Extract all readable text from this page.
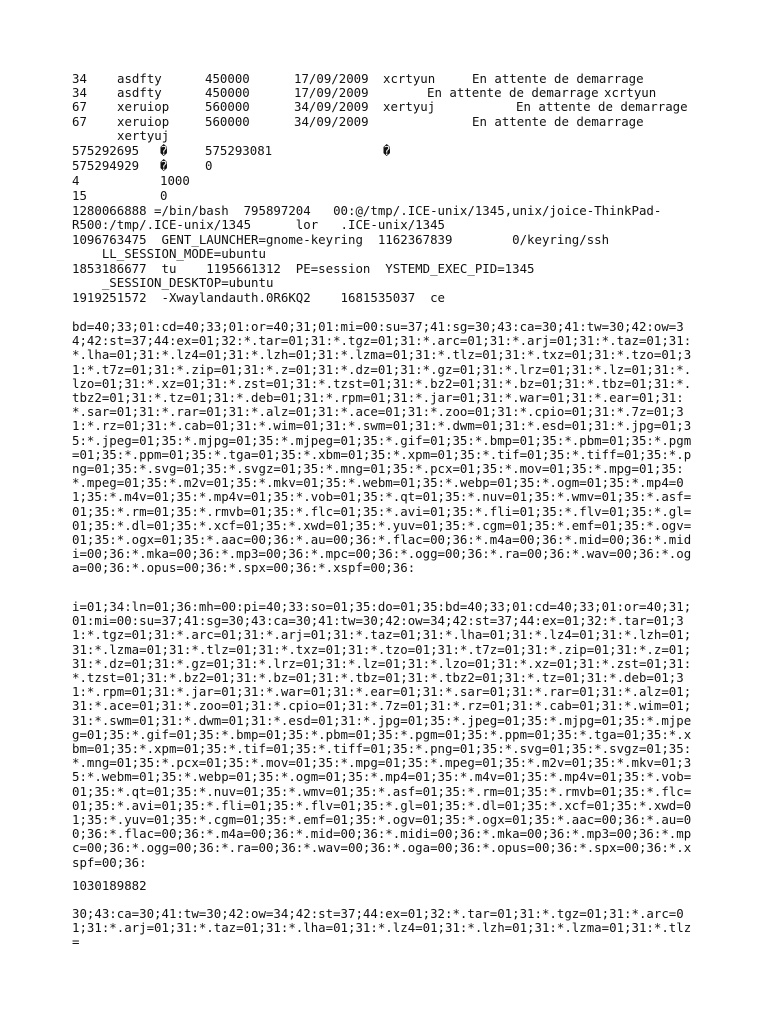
34 asdfty	450000	17/09/2009 xcrtyun	En attente de demarrage
34 asdfty	450000	17/09/2009	En attente de demarrage xcrtyun
67 xeruiop	560000	34/09/2009 xertyuj	En attente de demarrage
67 xeruiop	560000	34/09/2009	En attente de demarrage
xertyuj
575292695 �	575293081	�
575294929 �	0
4	1000
15	0
1280066888 =/bin/bash  795897204   00:@/tmp/.ICE-unix/1345,unix/joice-ThinkPad-
R500:/tmp/.ICE-unix/1345      lor   .ICE-unix/1345
1096763475  GENT_LAUNCHER=gnome-keyring  1162367839        0/keyring/ssh
LL_SESSION_MODE=ubuntu
1853186677  tu    1195661312  PE=session  YSTEMD_EXEC_PID=1345
_SESSION_DESKTOP=ubuntu
1919251572  -Xwaylandauth.0R6KQ2    1681535037  ce
bd=40;33;01:cd=40;33;01:or=40;31;01:mi=00:su=37;41:sg=30;43:ca=30;41:tw=30;42:ow=34;42:st=37;44:ex=01;32:*.tar=01;31:*.tgz=01;31:*.arc=01;31:*.arj=01;31:*.taz=01;31:*.lha=01;31:*.lz4=01;31:*.lzh=01;31:*.lzma=01;31:*.tlz=01;31:*.txz=01;31:*.tzo=01;31:*.t7z=01;31:*.zip=01;31:*.z=01;31:*.dz=01;31:*.gz=01;31:*.lrz=01;31:*.lz=01;31:*.lzo=01;31:*.xz=01;31:*.zst=01;31:*.tzst=01;31:*.bz2=01;31:*.bz=01;31:*.tbz=01;31:*.tbz2=01;31:*.tz=01;31:*.deb=01;31:*.rpm=01;31:*.jar=01;31:*.war=01;31:*.ear=01;31:*.sar=01;31:*.rar=01;31:*.alz=01;31:*.ace=01;31:*.zoo=01;31:*.cpio=01;31:*.7z=01;31:*.rz=01;31:*.cab=01;31:*.wim=01;31:*.swm=01;31:*.dwm=01;31:*.esd=01;31:*.jpg=01;35:*.jpeg=01;35:*.mjpg=01;35:*.mjpeg=01;35:*.gif=01;35:*.bmp=01;35:*.pbm=01;35:*.pgm=01;35:*.ppm=01;35:*.tga=01;35:*.xbm=01;35:*.xpm=01;35:*.tif=01;35:*.tiff=01;35:*.png=01;35:*.svg=01;35:*.svgz=01;35:*.mng=01;35:*.pcx=01;35:*.mov=01;35:*.mpg=01;35:*.mpeg=01;35:*.m2v=01;35:*.mkv=01;35:*.webm=01;35:*.webp=01;35:*.ogm=01;35:*.mp4=01;35:*.m4v=01;35:*.mp4v=01;35:*.vob=01;35:*.qt=01;35:*.nuv=01;35:*.wmv=01;35:*.asf=01;35:*.rm=01;35:*.rmvb=01;35:*.flc=01;35:*.avi=01;35:*.fli=01;35:*.flv=01;35:*.gl=01;35:*.dl=01;35:*.xcf=01;35:*.xwd=01;35:*.yuv=01;35:*.cgm=01;35:*.emf=01;35:*.ogv=01;35:*.ogx=01;35:*.aac=00;36:*.au=00;36:*.flac=00;36:*.m4a=00;36:*.mid=00;36:*.midi=00;36:*.mka=00;36:*.mp3=00;36:*.mpc=00;36:*.ogg=00;36:*.ra=00;36:*.wav=00;36:*.oga=00;36:*.opus=00;36:*.spx=00;36:*.xspf=00;36:
i=01;34:ln=01;36:mh=00:pi=40;33:so=01;35:do=01;35:bd=40;33;01:cd=40;33;01:or=40;31;01:mi=00:su=37;41:sg=30;43:ca=30;41:tw=30;42:ow=34;42:st=37;44:ex=01;32:*.tar=01;31:*.tgz=01;31:*.arc=01;31:*.arj=01;31:*.taz=01;31:*.lha=01;31:*.lz4=01;31:*.lzh=01;31:*.lzma=01;31:*.tlz=01;31:*.txz=01;31:*.tzo=01;31:*.t7z=01;31:*.zip=01;31:*.z=01;31:*.dz=01;31:*.gz=01;31:*.lrz=01;31:*.lz=01;31:*.lzo=01;31:*.xz=01;31:*.zst=01;31:*.tzst=01;31:*.bz2=01;31:*.bz=01;31:*.tbz=01;31:*.tbz2=01;31:*.tz=01;31:*.deb=01;31:*.rpm=01;31:*.jar=01;31:*.war=01;31:*.ear=01;31:*.sar=01;31:*.rar=01;31:*.alz=01;31:*.ace=01;31:*.zoo=01;31:*.cpio=01;31:*.7z=01;31:*.rz=01;31:*.cab=01;31:*.wim=01;31:*.swm=01;31:*.dwm=01;31:*.esd=01;31:*.jpg=01;35:*.jpeg=01;35:*.mjpg=01;35:*.mjpeg=01;35:*.gif=01;35:*.bmp=01;35:*.pbm=01;35:*.pgm=01;35:*.ppm=01;35:*.tga=01;35:*.xbm=01;35:*.xpm=01;35:*.tif=01;35:*.tiff=01;35:*.png=01;35:*.svg=01;35:*.svgz=01;35:*.mng=01;35:*.pcx=01;35:*.mov=01;35:*.mpg=01;35:*.mpeg=01;35:*.m2v=01;35:*.mkv=01;35:*.webm=01;35:*.webp=01;35:*.ogm=01;35:*.mp4=01;35:*.m4v=01;35:*.mp4v=01;35:*.vob=01;35:*.qt=01;35:*.nuv=01;35:*.wmv=01;35:*.asf=01;35:*.rm=01;35:*.rmvb=01;35:*.flc=01;35:*.avi=01;35:*.fli=01;35:*.flv=01;35:*.gl=01;35:*.dl=01;35:*.xcf=01;35:*.xwd=01;35:*.yuv=01;35:*.cgm=01;35:*.emf=01;35:*.ogv=01;35:*.ogx=01;35:*.aac=00;36:*.au=00;36:*.flac=00;36:*.m4a=00;36:*.mid=00;36:*.midi=00;36:*.mka=00;36:*.mp3=00;36:*.mpc=00;36:*.ogg=00;36:*.ra=00;36:*.wav=00;36:*.oga=00;36:*.opus=00;36:*.spx=00;36:*.xspf=00;36:
1030189882
30;43:ca=30;41:tw=30;42:ow=34;42:st=37;44:ex=01;32:*.tar=01;31:*.tgz=01;31:*.arc=01;31:*.arj=01;31:*.taz=01;31:*.lha=01;31:*.lz4=01;31:*.lzh=01;31:*.lzma=01;31:*.tlz=
